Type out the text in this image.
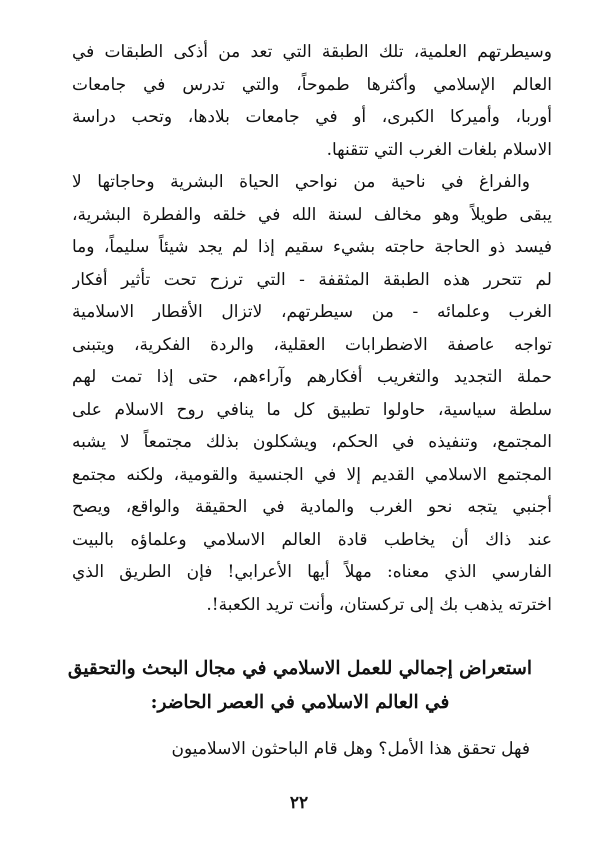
وسيطرتهم العلمية، تلك الطبقة التي تعد من أذكى الطبقات في
العالم الإسلامي وأكثرها طموحاً، والتي تدرس في جامعات
أوربا، وأميركا الكبرى، أو في جامعات بلادها، وتحب دراسة
الاسلام بلغات الغرب التي تتقنها.
والفراغ في ناحية من نواحي الحياة البشرية وحاجاتها لا
يبقى طويلاً وهو مخالف لسنة الله في خلقه والفطرة البشرية،
فيسد ذو الحاجة حاجته بشيء سقيم إذا لم يجد شيئاً سليماً، وما
لم تتحرر هذه الطبقة المثقفة - التي ترزح تحت تأثير أفكار
الغرب وعلمائه - من سيطرتهم، لاتزال الأقطار الاسلامية
تواجه عاصفة الاضطرابات العقلية، والردة الفكرية، ويتبنى
حملة التجديد والتغريب أفكارهم وآراءهم، حتى إذا تمت لهم
سلطة سياسية، حاولوا تطبيق كل ما ينافي روح الاسلام على
المجتمع، وتنفيذه في الحكم، ويشكلون بذلك مجتمعاً لا يشبه
المجتمع الاسلامي القديم إلا في الجنسية والقومية، ولكنه مجتمع
أجنبي يتجه نحو الغرب والمادية في الحقيقة والواقع، ويصح
عند ذاك أن يخاطب قادة العالم الاسلامي وعلماؤه بالبيت
الفارسي الذي معناه: مهلاً أيها الأعرابي! فإن الطريق الذي
اخترته يذهب بك إلى تركستان، وأنت تريد الكعبة!.
استعراض إجمالي للعمل الاسلامي في مجال البحث والتحقيق
في العالم الاسلامي في العصر الحاضر:
فهل تحقق هذا الأمل؟ وهل قام الباحثون الاسلاميون
٢٢
